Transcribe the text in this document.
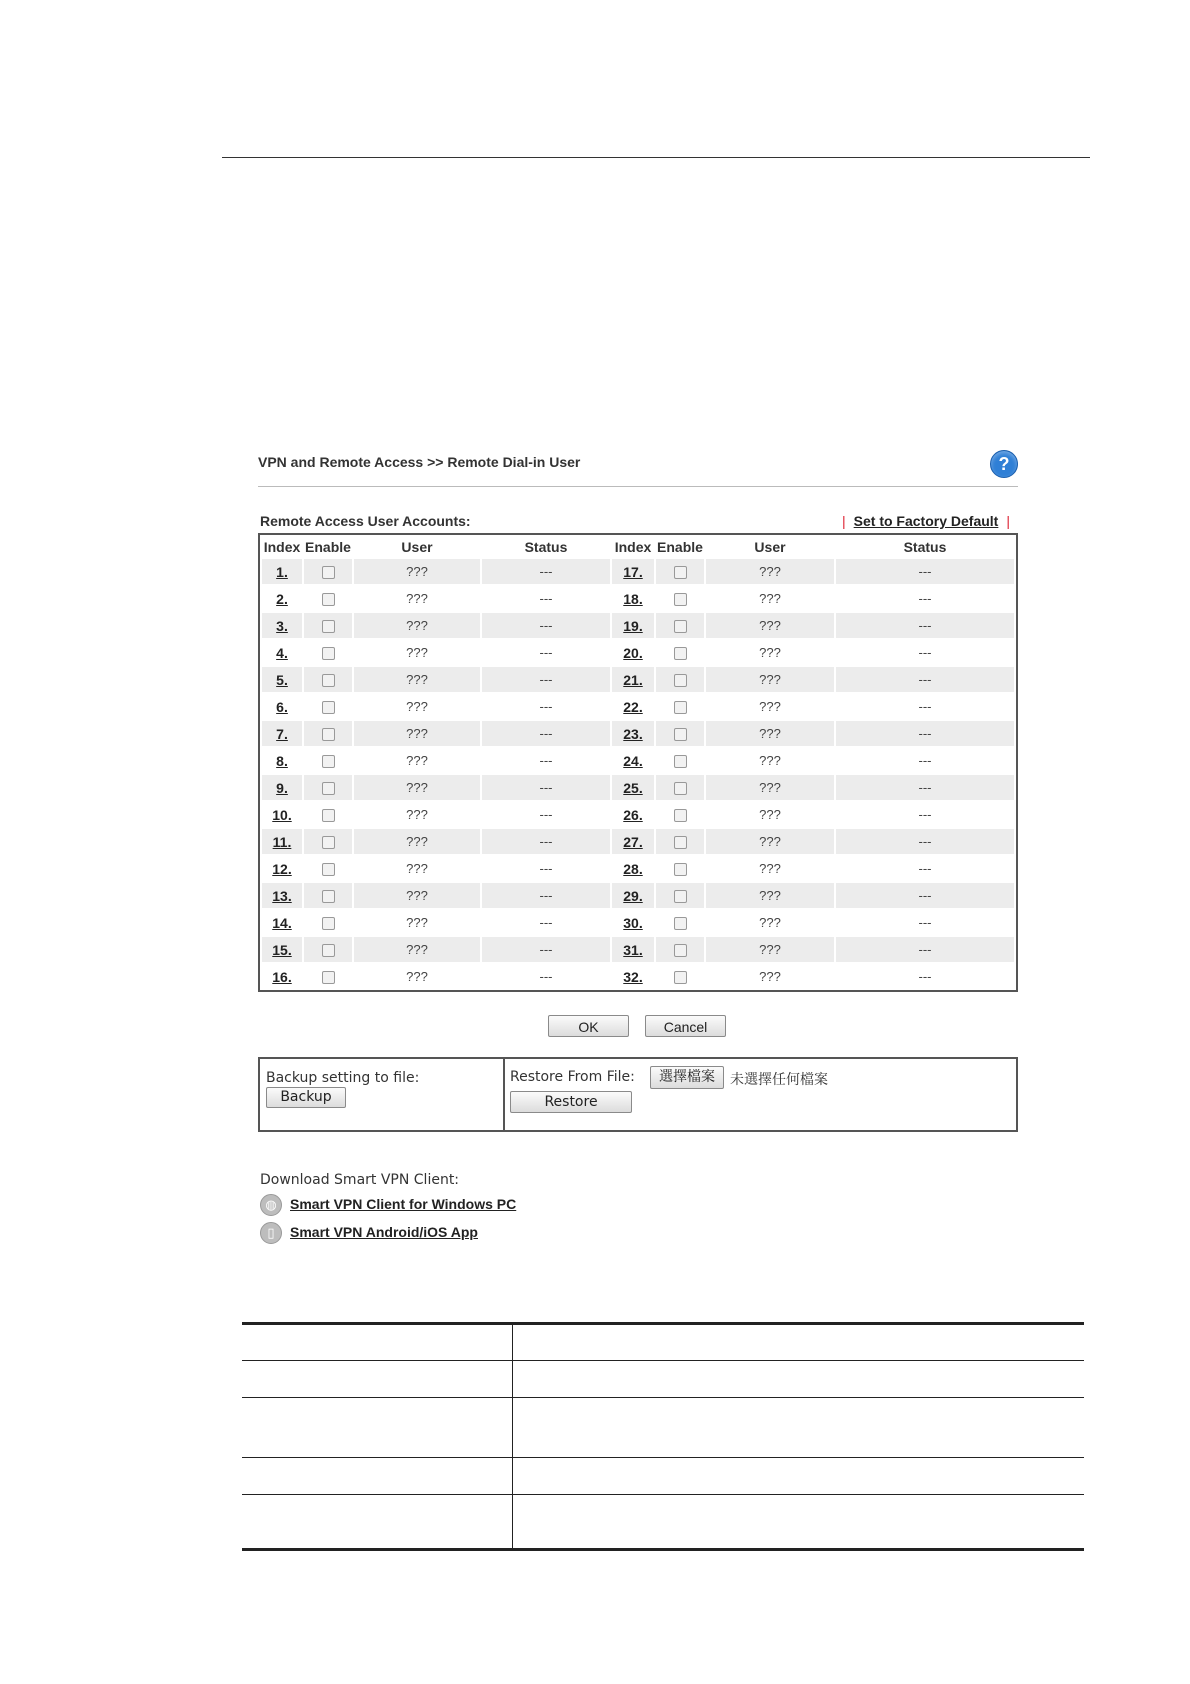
VPN and Remote Access >> Remote Dial-in User	?
Remote Access User Accounts:	| Set to Factory Default |
Index	Enable	User	Status	Index	Enable	User	Status
1.		???	---	17.		???	---
2.		???	---	18.		???	---
3.		???	---	19.		???	---
4.		???	---	20.		???	---
5.		???	---	21.		???	---
6.		???	---	22.		???	---
7.		???	---	23.		???	---
8.		???	---	24.		???	---
9.		???	---	25.		???	---
10.		???	---	26.		???	---
11.		???	---	27.		???	---
12.		???	---	28.		???	---
13.		???	---	29.		???	---
14.		???	---	30.		???	---
15.		???	---	31.		???	---
16.		???	---	32.		???	---
OK	Cancel
Backup setting to file:
Backup
Restore From File:	選擇檔案	未選擇任何檔案
Restore
Download Smart VPN Client:
◍ Smart VPN Client for Windows PC
▯	Smart VPN Android/iOS App
